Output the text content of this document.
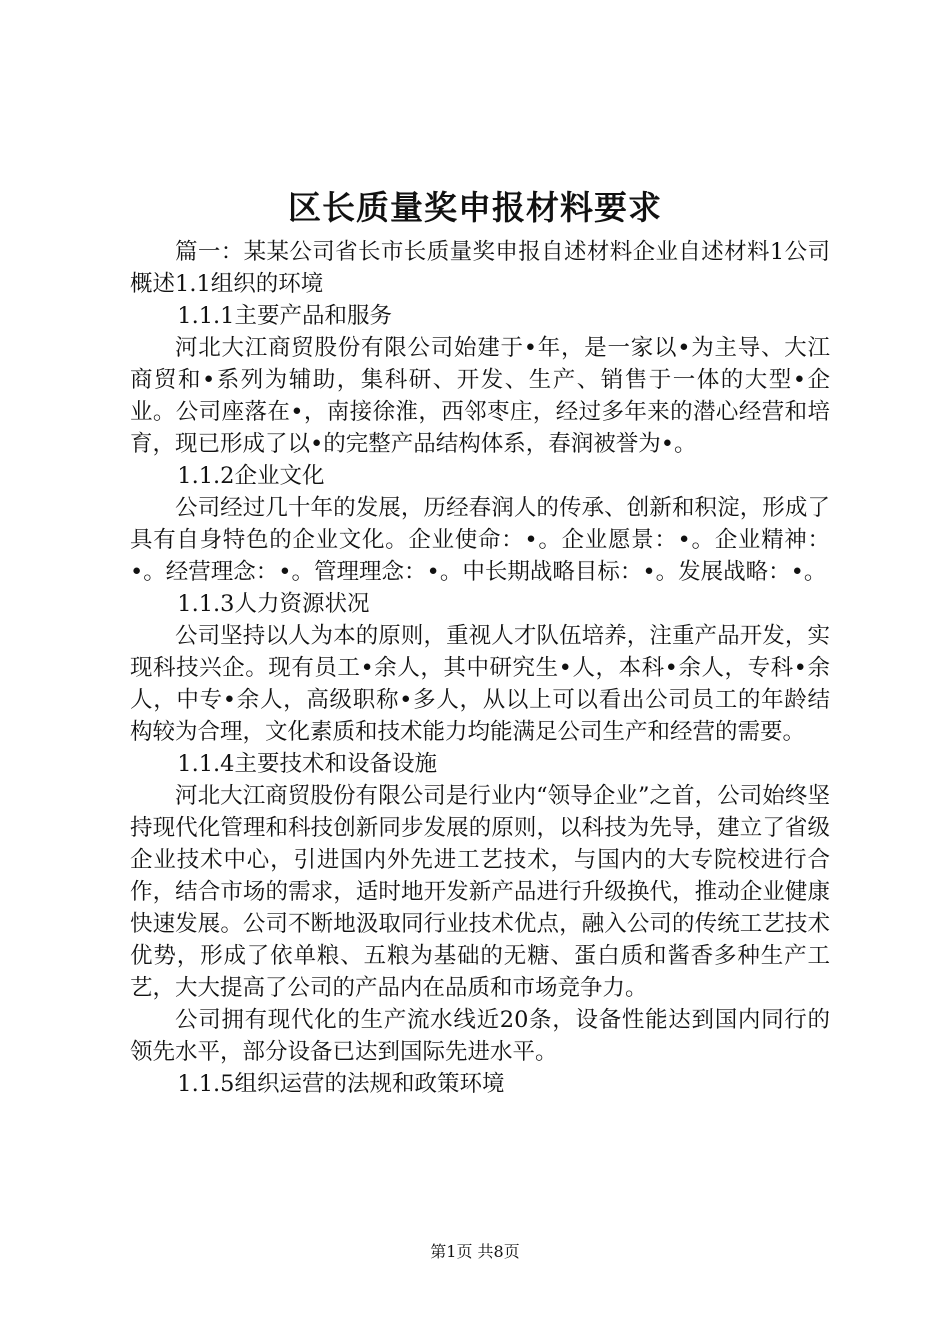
区长质量奖申报材料要求

篇一：某某公司省长市长质量奖申报自述材料企业自述材料1公司概述1.1组织的环境

1.1.1主要产品和服务

河北大江商贸股份有限公司始建于•年，是一家以•为主导、大江商贸和•系列为辅助，集科研、开发、生产、销售于一体的大型•企业。公司座落在•，南接徐淮，西邻枣庄，经过多年来的潜心经营和培育，现已形成了以•的完整产品结构体系，春润被誉为•。

1.1.2企业文化

公司经过几十年的发展，历经春润人的传承、创新和积淀，形成了具有自身特色的企业文化。企业使命：•。企业愿景：•。企业精神：•。经营理念：•。管理理念：•。中长期战略目标：•。发展战略：•。

1.1.3人力资源状况

公司坚持以人为本的原则，重视人才队伍培养，注重产品开发，实现科技兴企。现有员工•余人，其中研究生•人，本科•余人，专科•余人，中专•余人，高级职称•多人，从以上可以看出公司员工的年龄结构较为合理，文化素质和技术能力均能满足公司生产和经营的需要。

1.1.4主要技术和设备设施

河北大江商贸股份有限公司是行业内“领导企业”之首，公司始终坚持现代化管理和科技创新同步发展的原则，以科技为先导，建立了省级企业技术中心，引进国内外先进工艺技术，与国内的大专院校进行合作，结合市场的需求，适时地开发新产品进行升级换代，推动企业健康快速发展。公司不断地汲取同行业技术优点，融入公司的传统工艺技术优势，形成了依单粮、五粮为基础的无糖、蛋白质和酱香多种生产工艺，大大提高了公司的产品内在品质和市场竞争力。

公司拥有现代化的生产流水线近20条，设备性能达到国内同行的领先水平，部分设备已达到国际先进水平。

1.1.5组织运营的法规和政策环境

第1页 共8页
